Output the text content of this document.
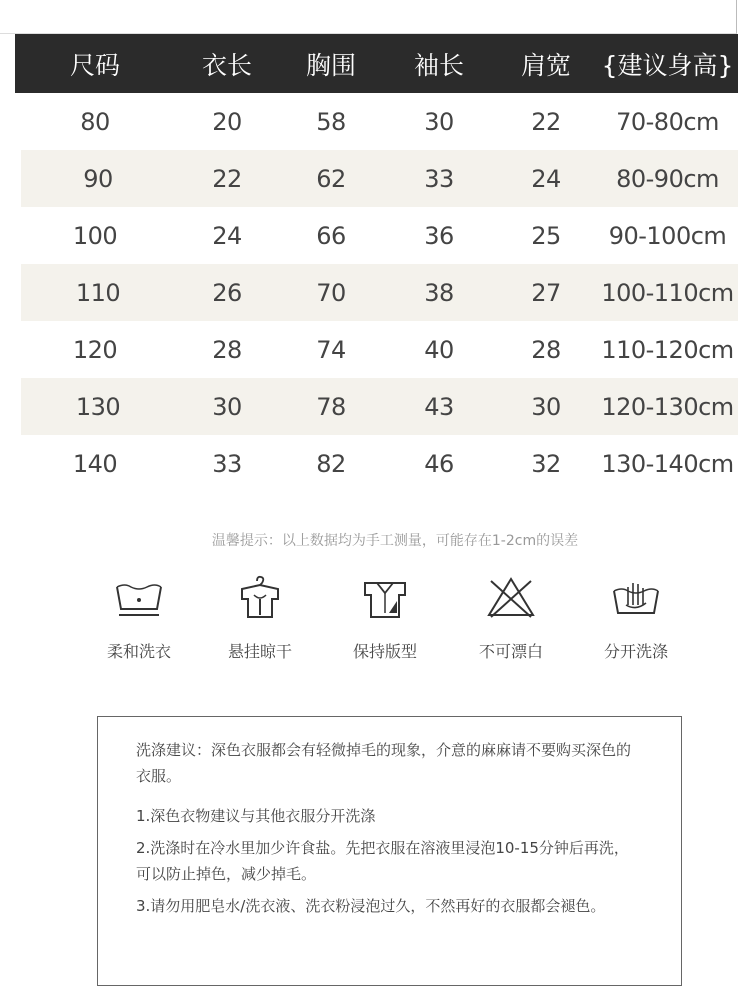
尺码	衣长	胸围	袖长	肩宽	{建议身高}
80	20	58	30	22	70-80cm
90	22	62	33	24	80-90cm
100	24	66	36	25	90-100cm
110	26	70	38	27	100-110cm
120	28	74	40	28	110-120cm
130	30	78	43	30	120-130cm
140	33	82	46	32	130-140cm
温馨提示：以上数据均为手工测量，可能存在1-2cm的误差
柔和洗衣	悬挂晾干	保持版型	不可漂白	分开洗涤

洗涤建议：深色衣服都会有轻微掉毛的现象，介意的麻麻请不要购买深色的衣服。

1.深色衣物建议与其他衣服分开洗涤

2.洗涤时在冷水里加少许食盐。先把衣服在溶液里浸泡10-15分钟后再洗，可以防止掉色，减少掉毛。

3.请勿用肥皂水/洗衣液、洗衣粉浸泡过久，不然再好的衣服都会褪色。
